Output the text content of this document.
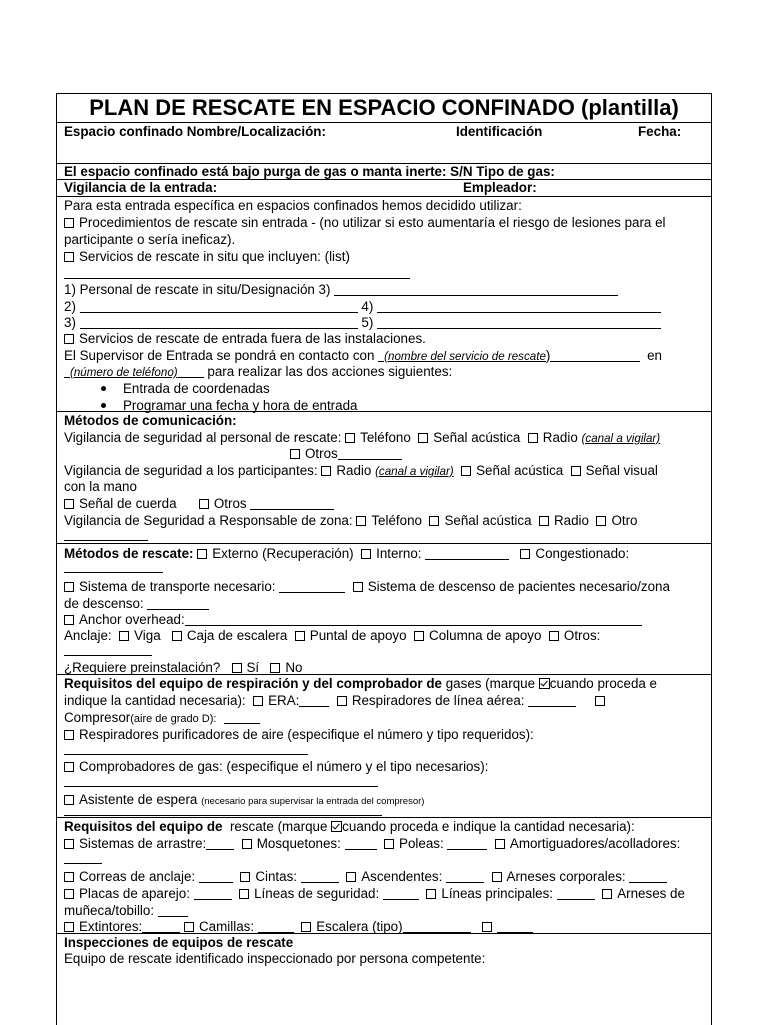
PLAN DE RESCATE EN ESPACIO CONFINADO (plantilla)
Espacio confinado Nombre/Localización:	Identificación	Fecha:
El espacio confinado está bajo purga de gas o manta inerte: S/N Tipo de gas:
Vigilancia de la entrada:	Empleador:
Para esta entrada específica en espacios confinados hemos decidido utilizar:
Procedimientos de rescate sin entrada - (no utilizar si esto aumentaría el riesgo de lesiones para el
participante o sería ineficaz).
Servicios de rescate in situ que incluyen: (list)
1) Personal de rescate in situ/Designación 3)
2)	4)
3)	5)
Servicios de rescate de entrada fuera de las instalaciones.
El Supervisor de Entrada se pondrá en contacto con (nombre del servicio de rescate)	en
(número de teléfono) para realizar las dos acciones siguientes:
Entrada de coordenadas
Programar una fecha y hora de entrada
Métodos de comunicación:
Vigilancia de seguridad al personal de rescate: Teléfono Señal acústica Radio (canal a vigilar)
Otros
Vigilancia de seguridad a los participantes: Radio (canal a vigilar) Señal acústica Señal visual
con la mano
Señal de cuerda	Otros
Vigilancia de Seguridad a Responsable de zona: Teléfono Señal acústica Radio Otro
Métodos de rescate: Externo (Recuperación) Interno:	Congestionado:
Sistema de transporte necesario:	Sistema de descenso de pacientes necesario/zona
de descenso:
Anchor overhead:
Anclaje: Viga Caja de escalera Puntal de apoyo Columna de apoyo Otros:
¿Requiere preinstalación? Sí No
Requisitos del equipo de respiración y del comprobador de gases (marque cuando proceda e
indique la cantidad necesaria): ERA:	Respiradores de línea aérea:
Compresor(aire de grado D):
Respiradores purificadores de aire (especifique el número y tipo requeridos):
Comprobadores de gas: (especifique el número y el tipo necesarios):
Asistente de espera (necesario para supervisar la entrada del compresor)
Requisitos del equipo de rescate (marque cuando proceda e indique la cantidad necesaria):
Sistemas de arrastre:	Mosquetones:	Poleas:	Amortiguadores/acolladores:
Correas de anclaje:	Cintas:	Ascendentes:	Arneses corporales:
Placas de aparejo:	Líneas de seguridad:	Líneas principales:	Arneses de
muñeca/tobillo:
Extintores:	Camillas:	Escalera (tipo)
Inspecciones de equipos de rescate
Equipo de rescate identificado inspeccionado por persona competente:
